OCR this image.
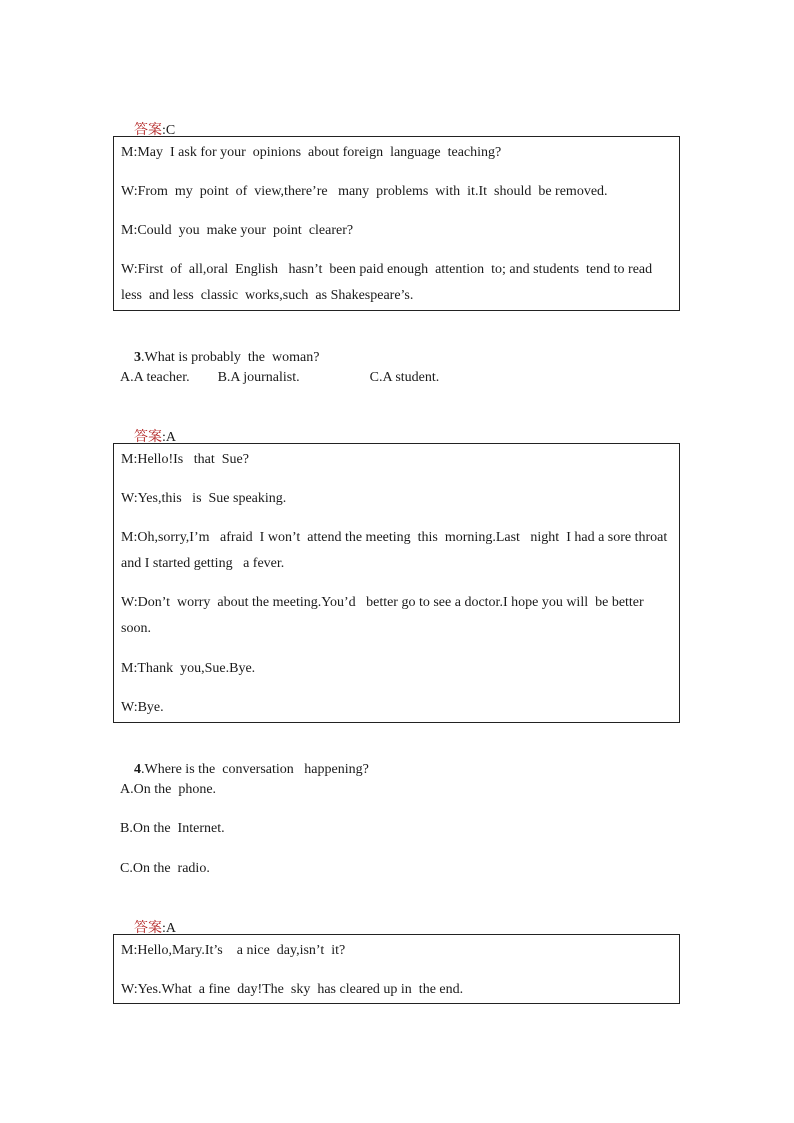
答案:C

M:May  I ask for your  opinions  about foreign  language  teaching?
W:From  my  point  of  view,there’re   many  problems  with  it.It  should  be removed.
M:Could  you  make your  point  clearer?
W:First  of  all,oral  English   hasn’t  been paid enough  attention  to; and students  tend to read less  and less  classic  works,such  as Shakespeare’s.

3.What is probably  the  woman?

A.A teacher.        B.A journalist.                    C.A student.

答案:A

M:Hello!Is   that  Sue?
W:Yes,this   is  Sue speaking.
M:Oh,sorry,I’m   afraid  I won’t  attend the meeting  this  morning.Last   night  I had a sore throat  and I started getting   a fever.
W:Don’t  worry  about the meeting.You’d   better go to see a doctor.I hope you will  be better soon.
M:Thank  you,Sue.Bye.
W:Bye.

4.Where is the  conversation   happening?

A.On the  phone.
B.On the  Internet.
C.On the  radio.

答案:A

M:Hello,Mary.It’s    a nice  day,isn’t  it?
W:Yes.What  a fine  day!The  sky  has cleared up in  the end.
